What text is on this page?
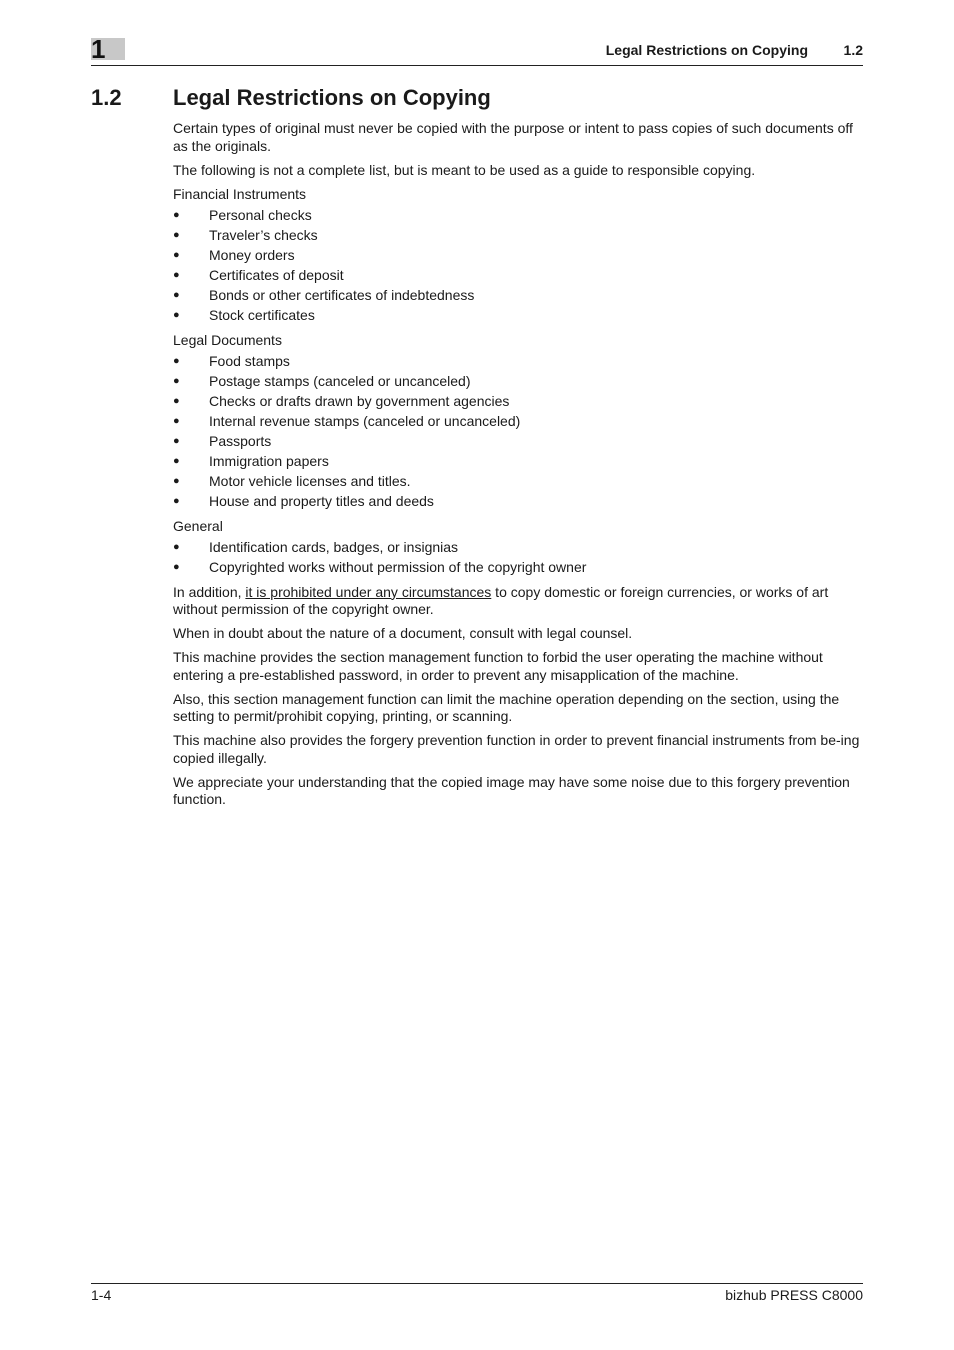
1	Legal Restrictions on Copying	1.2
1.2 Legal Restrictions on Copying

Certain types of original must never be copied with the purpose or intent to pass copies of such documents off as the originals.

The following is not a complete list, but is meant to be used as a guide to responsible copying.

Financial Instruments

● Personal checks
● Traveler’s checks
● Money orders
● Certificates of deposit
● Bonds or other certificates of indebtedness
● Stock certificates

Legal Documents

● Food stamps
● Postage stamps (canceled or uncanceled)
● Checks or drafts drawn by government agencies
● Internal revenue stamps (canceled or uncanceled)
● Passports
● Immigration papers
● Motor vehicle licenses and titles.
● House and property titles and deeds

General

● Identification cards, badges, or insignias
● Copyrighted works without permission of the copyright owner

In addition, it is prohibited under any circumstances to copy domestic or foreign currencies, or works of art without permission of the copyright owner.

When in doubt about the nature of a document, consult with legal counsel.

This machine provides the section management function to forbid the user operating the machine without entering a pre-established password, in order to prevent any misapplication of the machine.

Also, this section management function can limit the machine operation depending on the section, using the setting to permit/prohibit copying, printing, or scanning.

This machine also provides the forgery prevention function in order to prevent financial instruments from be-ing copied illegally.

We appreciate your understanding that the copied image may have some noise due to this forgery prevention function.

1-4	bizhub PRESS C8000
